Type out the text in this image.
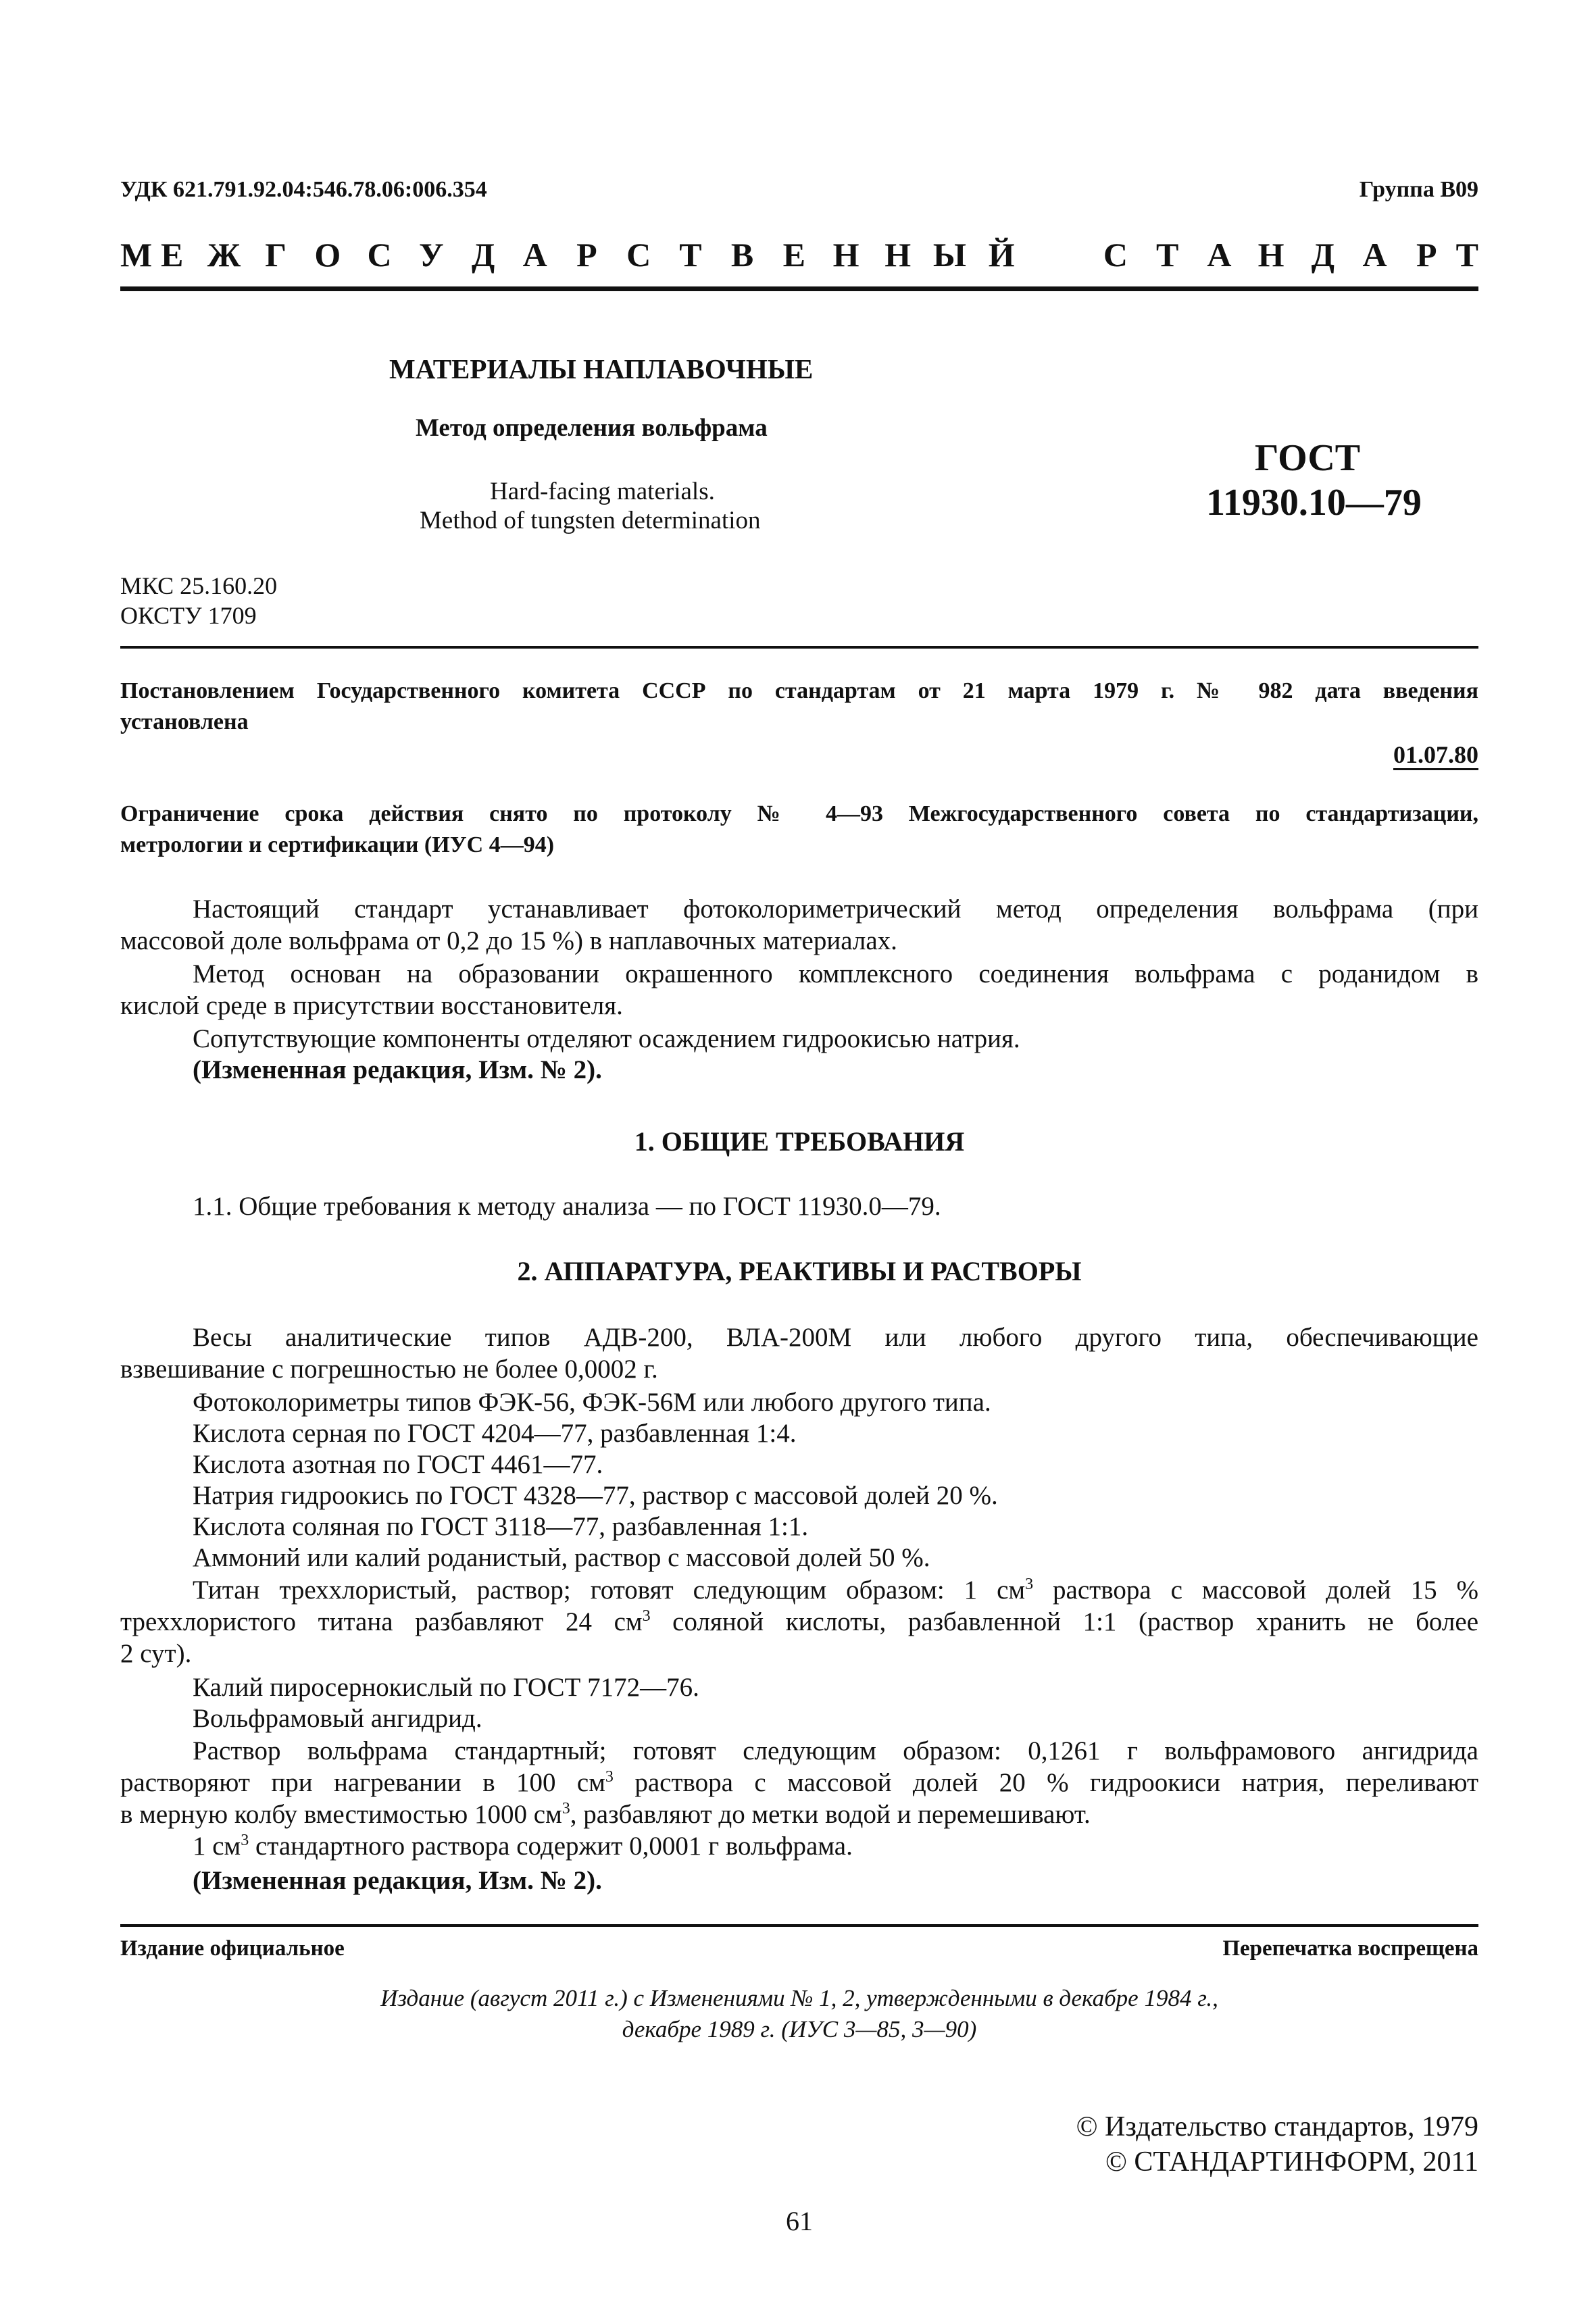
УДК 621.791.92.04:546.78.06:006.354	Группа В09
М Е Ж Г О С У Д А Р С Т В Е Н Н Ы Й	С Т А Н Д А Р Т
МАТЕРИАЛЫ НАПЛАВОЧНЫЕ
Метод определения вольфрама
Hard-facing materials.
Method of tungsten determination
ГОСТ
11930.10—79
МКС 25.160.20
ОКСТУ 1709
Постановлением Государственного комитета СССР по стандартам от 21 марта 1979 г. № 982 дата введения
установлена
01.07.80
Ограничение срока действия снято по протоколу № 4—93 Межгосударственного совета по стандартизации,
метрологии и сертификации (ИУС 4—94)
Настоящий стандарт устанавливает фотоколориметрический метод определения вольфрама (при
массовой доле вольфрама от 0,2 до 15 %) в наплавочных материалах.
Метод основан на образовании окрашенного комплексного соединения вольфрама с роданидом в
кислой среде в присутствии восстановителя.
Сопутствующие компоненты отделяют осаждением гидроокисью натрия.
(Измененная редакция, Изм. № 2).
1. ОБЩИЕ ТРЕБОВАНИЯ
1.1. Общие требования к методу анализа — по ГОСТ 11930.0—79.
2. АППАРАТУРА, РЕАКТИВЫ И РАСТВОРЫ
Весы аналитические типов АДВ-200, ВЛА-200М или любого другого типа, обеспечивающие
взвешивание с погрешностью не более 0,0002 г.
Фотоколориметры типов ФЭК-56, ФЭК-56М или любого другого типа.
Кислота серная по ГОСТ 4204—77, разбавленная 1:4.
Кислота азотная по ГОСТ 4461—77.
Натрия гидроокись по ГОСТ 4328—77, раствор с массовой долей 20 %.
Кислота соляная по ГОСТ 3118—77, разбавленная 1:1.
Аммоний или калий роданистый, раствор с массовой долей 50 %.
Титан треххлористый, раствор; готовят следующим образом: 1 $см^3$ раствора с массовой долей 15 %
треххлористого титана разбавляют 24 $см^3$ соляной кислоты, разбавленной 1:1 (раствор хранить не более
2 сут).
Калий пиросернокислый по ГОСТ 7172—76.
Вольфрамовый ангидрид.
Раствор вольфрама стандартный; готовят следующим образом: 0,1261 г вольфрамового ангидрида
растворяют при нагревании в 100 $см^3$ раствора с массовой долей 20 % гидроокиси натрия, переливают
в мерную колбу вместимостью 1000 $см^3$, разбавляют до метки водой и перемешивают.
1 $см^3$ стандартного раствора содержит 0,0001 г вольфрама.
(Измененная редакция, Изм. № 2).
Издание официальное	Перепечатка воспрещена
Издание (август 2011 г.) с Изменениями № 1, 2, утвержденными в декабре 1984 г.,
декабре 1989 г. (ИУС 3—85, 3—90)
© Издательство стандартов, 1979
© СТАНДАРТИНФОРМ, 2011
61
